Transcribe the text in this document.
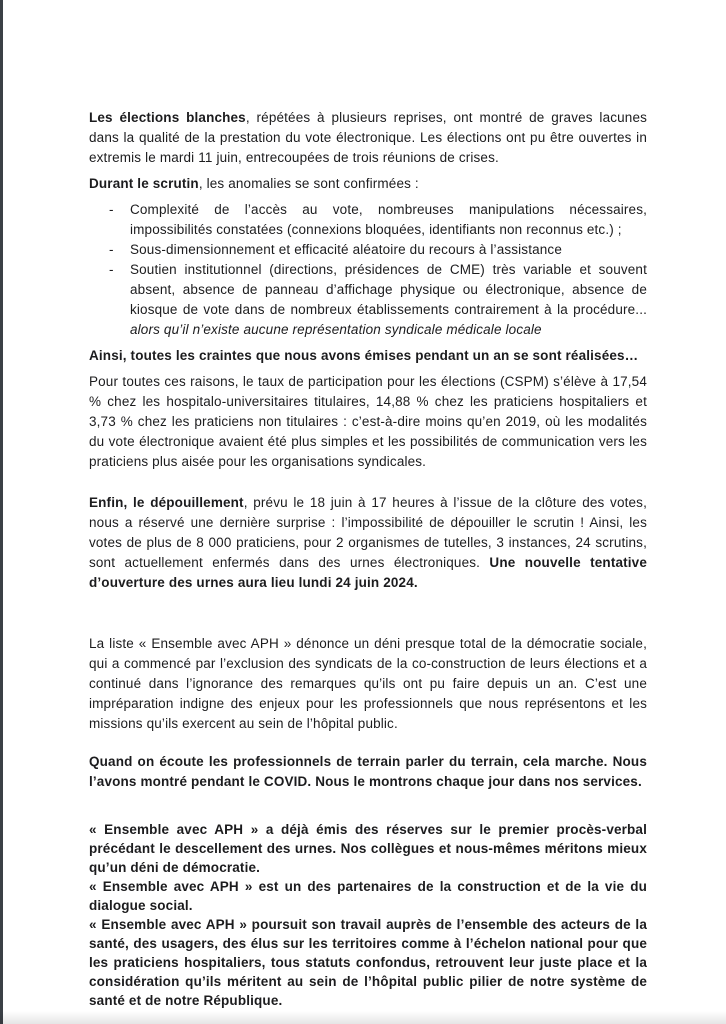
Les élections blanches, répétées à plusieurs reprises, ont montré de graves lacunes dans la qualité de la prestation du vote électronique. Les élections ont pu être ouvertes in extremis le mardi 11 juin, entrecoupées de trois réunions de crises.

Durant le scrutin, les anomalies se sont confirmées :

- Complexité de l’accès au vote, nombreuses manipulations nécessaires, impossibilités constatées (connexions bloquées, identifiants non reconnus etc.) ;
- Sous-dimensionnement et efficacité aléatoire du recours à l’assistance
- Soutien institutionnel (directions, présidences de CME) très variable et souvent absent, absence de panneau d’affichage physique ou électronique, absence de kiosque de vote dans de nombreux établissements contrairement à la procédure... alors qu’il n’existe aucune représentation syndicale médicale locale

Ainsi, toutes les craintes que nous avons émises pendant un an se sont réalisées…

Pour toutes ces raisons, le taux de participation pour les élections (CSPM) s’élève à 17,54 % chez les hospitalo-universitaires titulaires, 14,88 % chez les praticiens hospitaliers et 3,73 % chez les praticiens non titulaires : c’est-à-dire moins qu’en 2019, où les modalités du vote électronique avaient été plus simples et les possibilités de communication vers les praticiens plus aisée pour les organisations syndicales.

Enfin, le dépouillement, prévu le 18 juin à 17 heures à l’issue de la clôture des votes, nous a réservé une dernière surprise : l’impossibilité de dépouiller le scrutin ! Ainsi, les votes de plus de 8 000 praticiens, pour 2 organismes de tutelles, 3 instances, 24 scrutins, sont actuellement enfermés dans des urnes électroniques. Une nouvelle tentative d’ouverture des urnes aura lieu lundi 24 juin 2024.

La liste « Ensemble avec APH » dénonce un déni presque total de la démocratie sociale, qui a commencé par l’exclusion des syndicats de la co-construction de leurs élections et a continué dans l’ignorance des remarques qu’ils ont pu faire depuis un an. C’est une impréparation indigne des enjeux pour les professionnels que nous représentons et les missions qu’ils exercent au sein de l’hôpital public.

Quand on écoute les professionnels de terrain parler du terrain, cela marche. Nous l’avons montré pendant le COVID. Nous le montrons chaque jour dans nos services.

« Ensemble avec APH » a déjà émis des réserves sur le premier procès-verbal précédant le descellement des urnes. Nos collègues et nous-mêmes méritons mieux qu’un déni de démocratie.

« Ensemble avec APH » est un des partenaires de la construction et de la vie du dialogue social.

« Ensemble avec APH » poursuit son travail auprès de l’ensemble des acteurs de la santé, des usagers, des élus sur les territoires comme à l’échelon national pour que les praticiens hospitaliers, tous statuts confondus, retrouvent leur juste place et la considération qu’ils méritent au sein de l’hôpital public pilier de notre système de santé et de notre République.
